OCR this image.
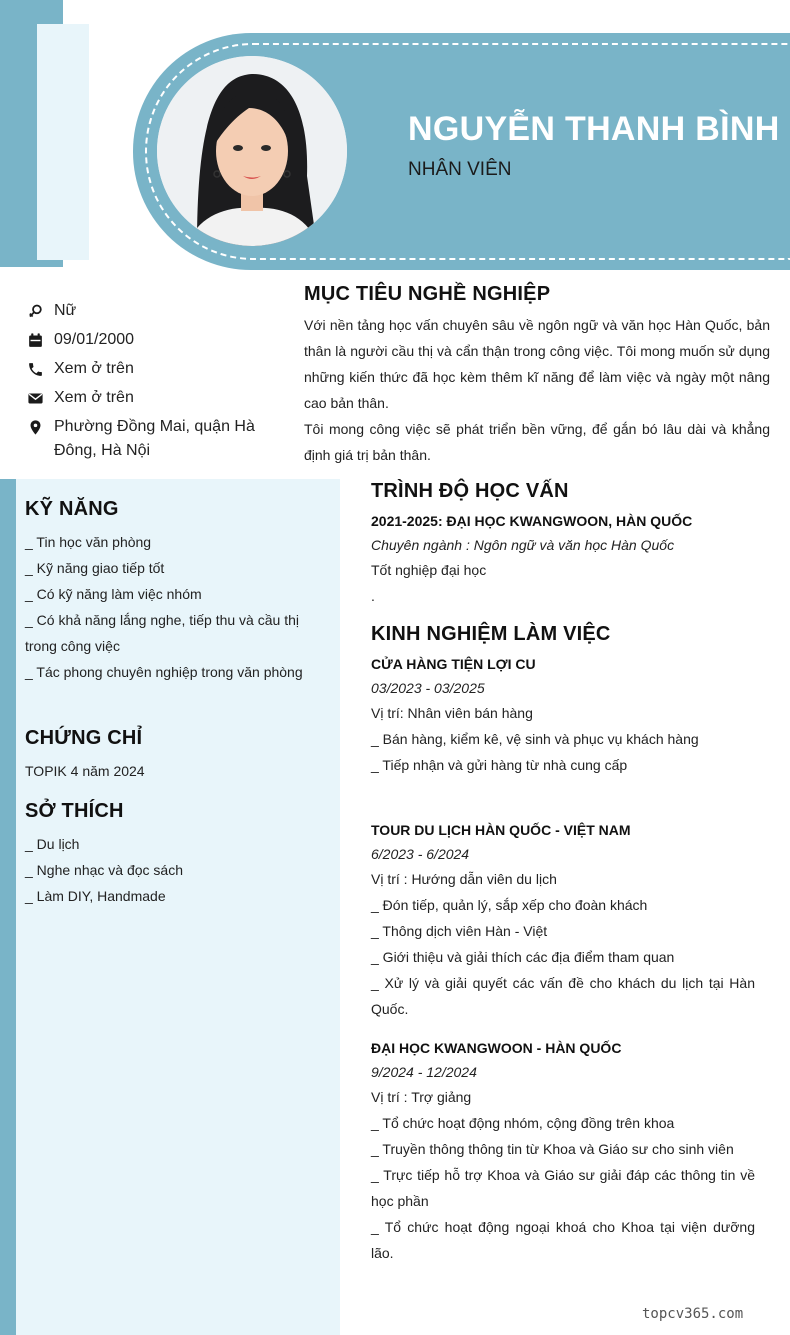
NGUYỄN THANH BÌNH
NHÂN VIÊN
Nữ
09/01/2000
Xem ở trên
Xem ở trên
Phường Đồng Mai, quận Hà Đông, Hà Nội
MỤC TIÊU NGHỀ NGHIỆP
Với nền tảng học vấn chuyên sâu về ngôn ngữ và văn học Hàn Quốc, bản thân là người cầu thị và cẩn thận trong công việc. Tôi mong muốn sử dụng những kiến thức đã học kèm thêm kĩ năng để làm việc và ngày một nâng cao bản thân.
Tôi mong công việc sẽ phát triển bền vững, để gắn bó lâu dài và khẳng định giá trị bản thân.
KỸ NĂNG
_ Tin học văn phòng
_ Kỹ năng giao tiếp tốt
_ Có kỹ năng làm việc nhóm
_ Có khả năng lắng nghe, tiếp thu và cầu thị trong công việc
_ Tác phong chuyên nghiệp trong văn phòng
CHỨNG CHỈ
TOPIK 4 năm 2024
SỞ THÍCH
_ Du lịch
_ Nghe nhạc và đọc sách
_ Làm DIY, Handmade
TRÌNH ĐỘ HỌC VẤN
2021-2025: ĐẠI HỌC KWANGWOON, HÀN QUỐC
Chuyên ngành : Ngôn ngữ và văn học Hàn Quốc
Tốt nghiệp đại học
.
KINH NGHIỆM LÀM VIỆC
CỬA HÀNG TIỆN LỢI CU
03/2023 - 03/2025
Vị trí: Nhân viên bán hàng
_ Bán hàng, kiểm kê, vệ sinh và phục vụ khách hàng
_ Tiếp nhận và gửi hàng từ nhà cung cấp
TOUR DU LỊCH HÀN QUỐC - VIỆT NAM
6/2023 - 6/2024
Vị trí : Hướng dẫn viên du lịch
_ Đón tiếp, quản lý, sắp xếp cho đoàn khách
_ Thông dịch viên Hàn - Việt
_ Giới thiệu và giải thích các địa điểm tham quan
_ Xử lý và giải quyết các vấn đề cho khách du lịch tại Hàn Quốc.
ĐẠI HỌC KWANGWOON - HÀN QUỐC
9/2024 - 12/2024
Vị trí : Trợ giảng
_ Tổ chức hoạt động nhóm, cộng đồng trên khoa
_ Truyền thông thông tin từ Khoa và Giáo sư cho sinh viên
_ Trực tiếp hỗ trợ Khoa và Giáo sư giải đáp các thông tin về học phần
_ Tổ chức hoạt động ngoại khoá cho Khoa tại viện dưỡng lão.
topcv365.com
